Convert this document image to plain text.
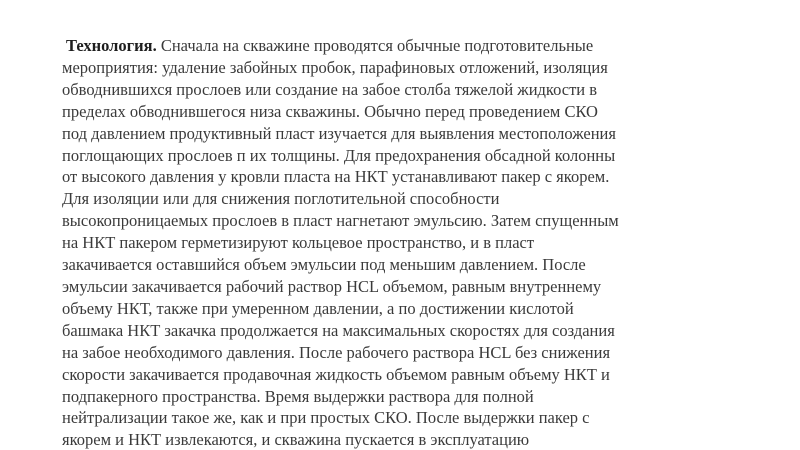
Технология. Сначала на скважине проводятся обычные подготовительные
мероприятия: удаление забойных пробок, парафиновых отложений, изоляция
обводнившихся прослоев или создание на забое столба тяжелой жидкости в
пределах обводнившегося низа скважины. Обычно перед проведением СКО
под давлением продуктивный пласт изучается для выявления местоположения
поглощающих прослоев п их толщины. Для предохранения обсадной колонны
от высокого давления у кровли пласта на НКТ устанавливают пакер с якорем.
Для изоляции или для снижения поглотительной способности
высокопроницаемых прослоев в пласт нагнетают эмульсию. Затем спущенным
на НКТ пакером герметизируют кольцевое пространство, и в пласт
закачивается оставшийся объем эмульсии под меньшим давлением. После
эмульсии закачивается рабочий раствор HCL объемом, равным внутреннему
объему НКТ, также при умеренном давлении, а по достижении кислотой
башмака НКТ закачка продолжается на максимальных скоростях для создания
на забое необходимого давления. После рабочего раствора HCL без снижения
скорости закачивается продавочная жидкость объемом равным объему НКТ и
подпакерного пространства. Время выдержки раствора для полной
нейтрализации такое же, как и при простых СКО. После выдержки пакер с
якорем и НКТ извлекаются, и скважина пускается в эксплуатацию
